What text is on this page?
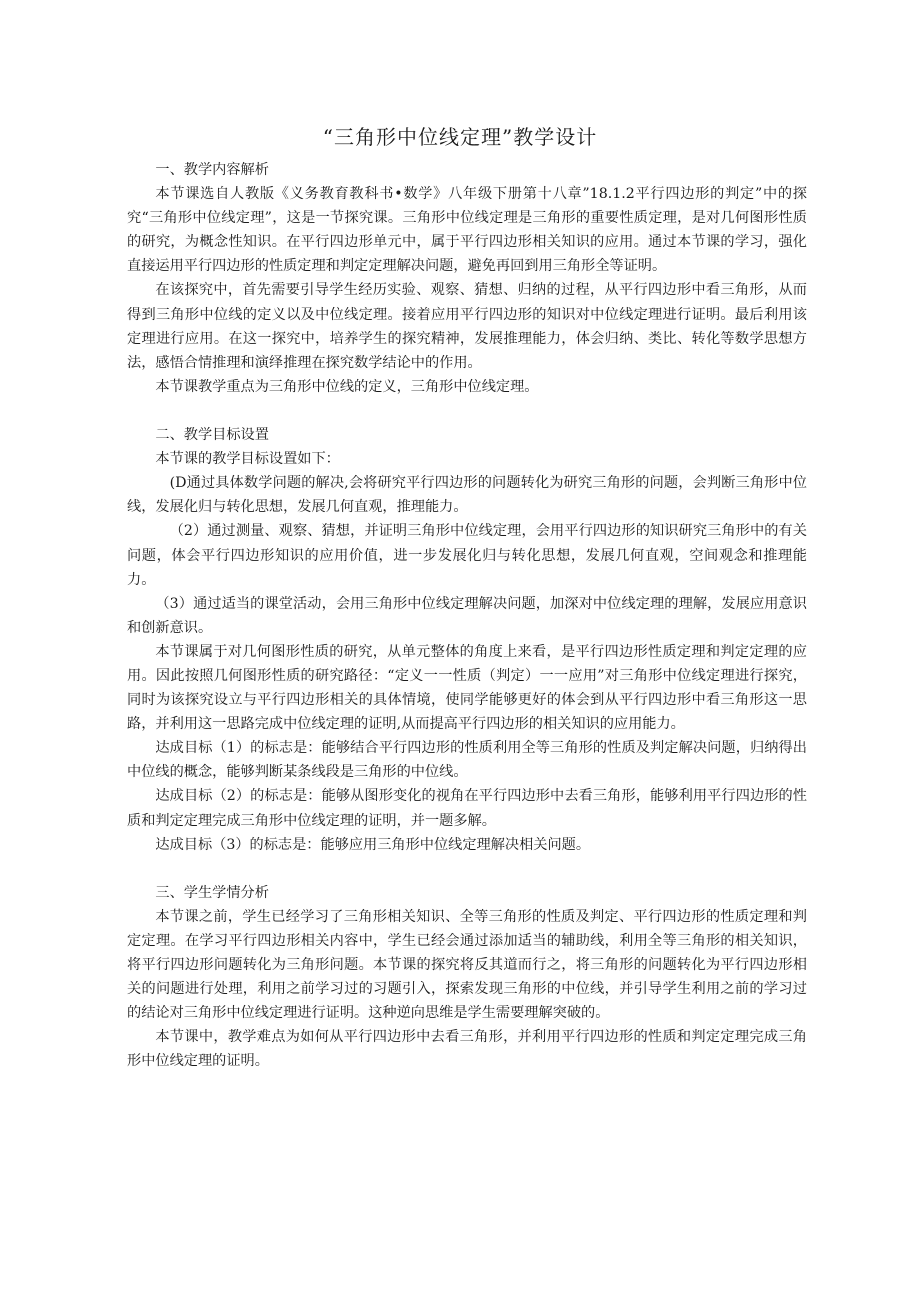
“三角形中位线定理”教学设计

一、教学内容解析

本节课选自人教版《义务教育教科书•数学》八年级下册第十八章”18.1.2平行四边形的判定”中的探究“三角形中位线定理”，这是一节探究课。三角形中位线定理是三角形的重要性质定理，是对几何图形性质的研究，为概念性知识。在平行四边形单元中，属于平行四边形相关知识的应用。通过本节课的学习，强化直接运用平行四边形的性质定理和判定定理解决问题，避免再回到用三角形全等证明。

在该探究中，首先需要引导学生经历实验、观察、猜想、归纳的过程，从平行四边形中看三角形，从而得到三角形中位线的定义以及中位线定理。接着应用平行四边形的知识对中位线定理进行证明。最后利用该定理进行应用。在这一探究中，培养学生的探究精神，发展推理能力，体会归纳、类比、转化等数学思想方法，感悟合情推理和演绎推理在探究数学结论中的作用。

本节课教学重点为三角形中位线的定义，三角形中位线定理。

二、教学目标设置

本节课的教学目标设置如下：

(D通过具体数学问题的解决,会将研究平行四边形的问题转化为研究三角形的问题，会判断三角形中位线，发展化归与转化思想，发展几何直观，推理能力。

（2）通过测量、观察、猜想，并证明三角形中位线定理，会用平行四边形的知识研究三角形中的有关问题，体会平行四边形知识的应用价值，进一步发展化归与转化思想，发展几何直观，空间观念和推理能力。

（3）通过适当的课堂活动，会用三角形中位线定理解决问题，加深对中位线定理的理解，发展应用意识和创新意识。

本节课属于对几何图形性质的研究，从单元整体的角度上来看，是平行四边形性质定理和判定定理的应用。因此按照几何图形性质的研究路径：“定义一一性质（判定）一一应用”对三角形中位线定理进行探究，同时为该探究设立与平行四边形相关的具体情境，使同学能够更好的体会到从平行四边形中看三角形这一思路，并利用这一思路完成中位线定理的证明,从而提高平行四边形的相关知识的应用能力。

达成目标（1）的标志是：能够结合平行四边形的性质利用全等三角形的性质及判定解决问题，归纳得出中位线的概念，能够判断某条线段是三角形的中位线。

达成目标（2）的标志是：能够从图形变化的视角在平行四边形中去看三角形，能够利用平行四边形的性质和判定定理完成三角形中位线定理的证明，并一题多解。

达成目标（3）的标志是：能够应用三角形中位线定理解决相关问题。

三、学生学情分析

本节课之前，学生已经学习了三角形相关知识、全等三角形的性质及判定、平行四边形的性质定理和判定定理。在学习平行四边形相关内容中，学生已经会通过添加适当的辅助线，利用全等三角形的相关知识，将平行四边形问题转化为三角形问题。本节课的探究将反其道而行之，将三角形的问题转化为平行四边形相关的问题进行处理，利用之前学习过的习题引入，探索发现三角形的中位线，并引导学生利用之前的学习过的结论对三角形中位线定理进行证明。这种逆向思维是学生需要理解突破的。

本节课中，教学难点为如何从平行四边形中去看三角形，并利用平行四边形的性质和判定定理完成三角形中位线定理的证明。
